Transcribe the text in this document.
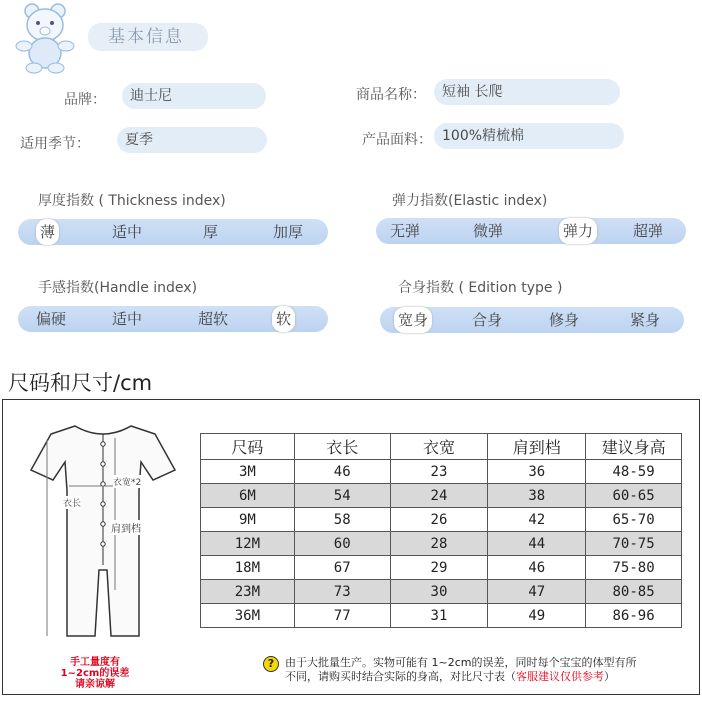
基本信息
品牌：	迪士尼	商品名称：	短袖 长爬
适用季节：	夏季	产品面料： 100%精梳棉
厚度指数 ( Thickness index)
薄	适中	厚	加厚
弹力指数(Elastic index)
无弹	微弹	弹力	超弹
手感指数(Handle index)
偏硬	适中	超软	软
合身指数 ( Edition type )
宽身	合身	修身	紧身
尺码和尺寸/cm
衣长
衣宽*2
肩到档
尺码	衣长	衣宽	肩到档	建议身高
3M	46	23	36	48-59
6M	54	24	38	60-65
9M	58	26	42	65-70
12M	60	28	44	70-75
18M	67	29	46	75-80
23M	73	30	47	80-85
36M	77	31	49	86-96
手工量度有
1~2cm的误差
请亲谅解
? 由于大批量生产。实物可能有 1~2cm的误差，同时每个宝宝的体型有所
不同，请购买时结合实际的身高，对比尺寸表（客服建议仅供参考）
